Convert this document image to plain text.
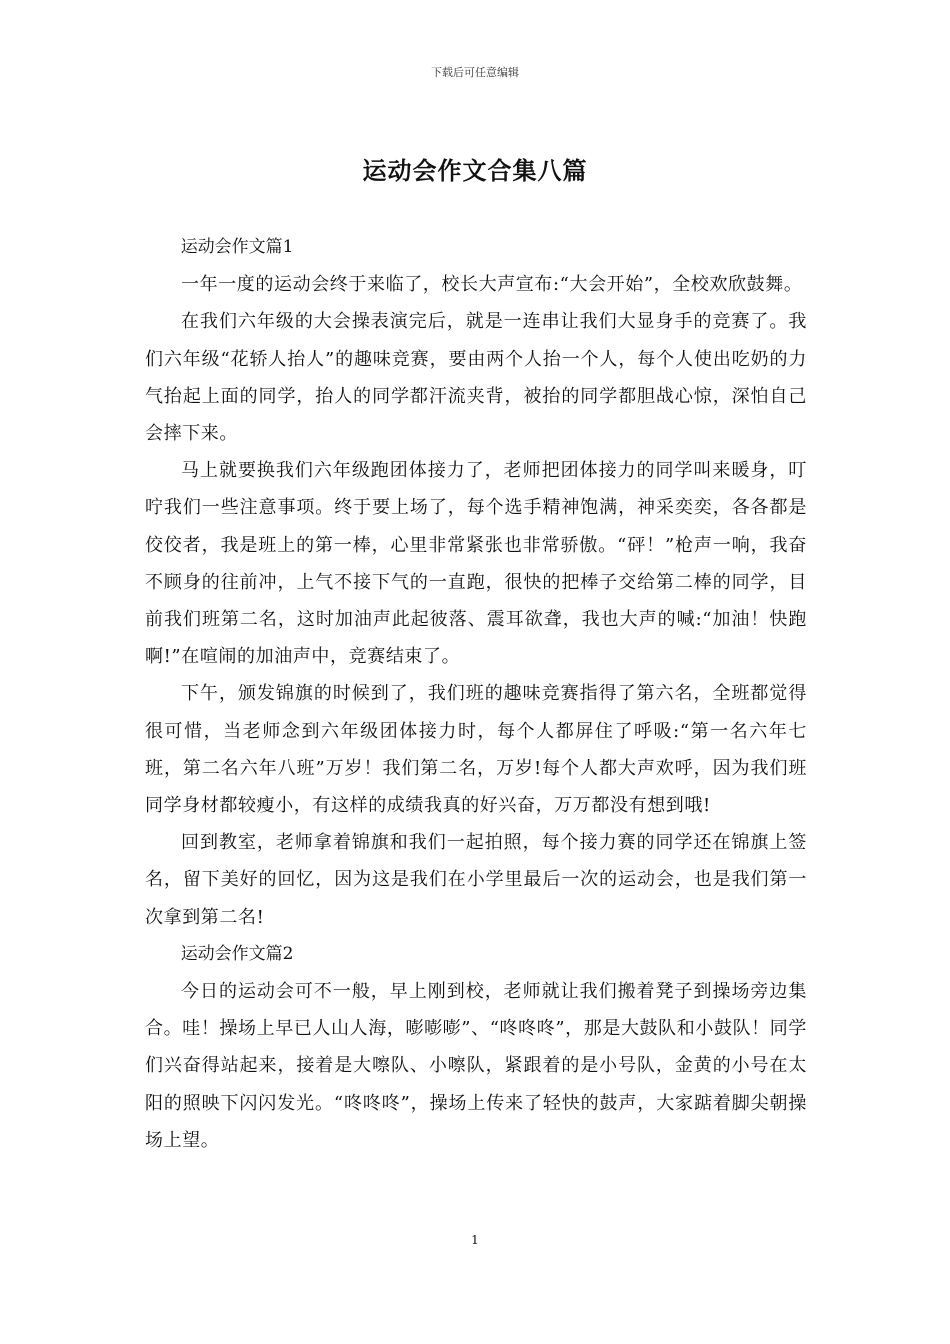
下载后可任意编辑
运动会作文合集八篇

运动会作文篇1

一年一度的运动会终于来临了，校长大声宣布:“大会开始”，全校欢欣鼓舞。

在我们六年级的大会操表演完后，就是一连串让我们大显身手的竞赛了。我们六年级“花轿人抬人”的趣味竞赛，要由两个人抬一个人，每个人使出吃奶的力气抬起上面的同学，抬人的同学都汗流夹背，被抬的同学都胆战心惊，深怕自己会摔下来。

马上就要换我们六年级跑团体接力了，老师把团体接力的同学叫来暖身，叮咛我们一些注意事项。终于要上场了，每个选手精神饱满，神采奕奕，各各都是佼佼者，我是班上的第一棒，心里非常紧张也非常骄傲。“砰！”枪声一响，我奋不顾身的往前冲，上气不接下气的一直跑，很快的把棒子交给第二棒的同学，目前我们班第二名，这时加油声此起彼落、震耳欲聋，我也大声的喊:“加油！快跑啊!”在喧闹的加油声中，竞赛结束了。

下午，颁发锦旗的时候到了，我们班的趣味竞赛指得了第六名，全班都觉得很可惜，当老师念到六年级团体接力时，每个人都屏住了呼吸:“第一名六年七班，第二名六年八班”万岁！我们第二名，万岁!每个人都大声欢呼，因为我们班同学身材都较瘦小，有这样的成绩我真的好兴奋，万万都没有想到哦!

回到教室，老师拿着锦旗和我们一起拍照，每个接力赛的同学还在锦旗上签名，留下美好的回忆，因为这是我们在小学里最后一次的运动会，也是我们第一次拿到第二名!

运动会作文篇2

今日的运动会可不一般，早上刚到校，老师就让我们搬着凳子到操场旁边集合。哇！操场上早已人山人海，嘭嘭嘭”、“咚咚咚”，那是大鼓队和小鼓队！同学们兴奋得站起来，接着是大嚓队、小嚓队，紧跟着的是小号队，金黄的小号在太阳的照映下闪闪发光。“咚咚咚”，操场上传来了轻快的鼓声，大家踮着脚尖朝操场上望。

1
